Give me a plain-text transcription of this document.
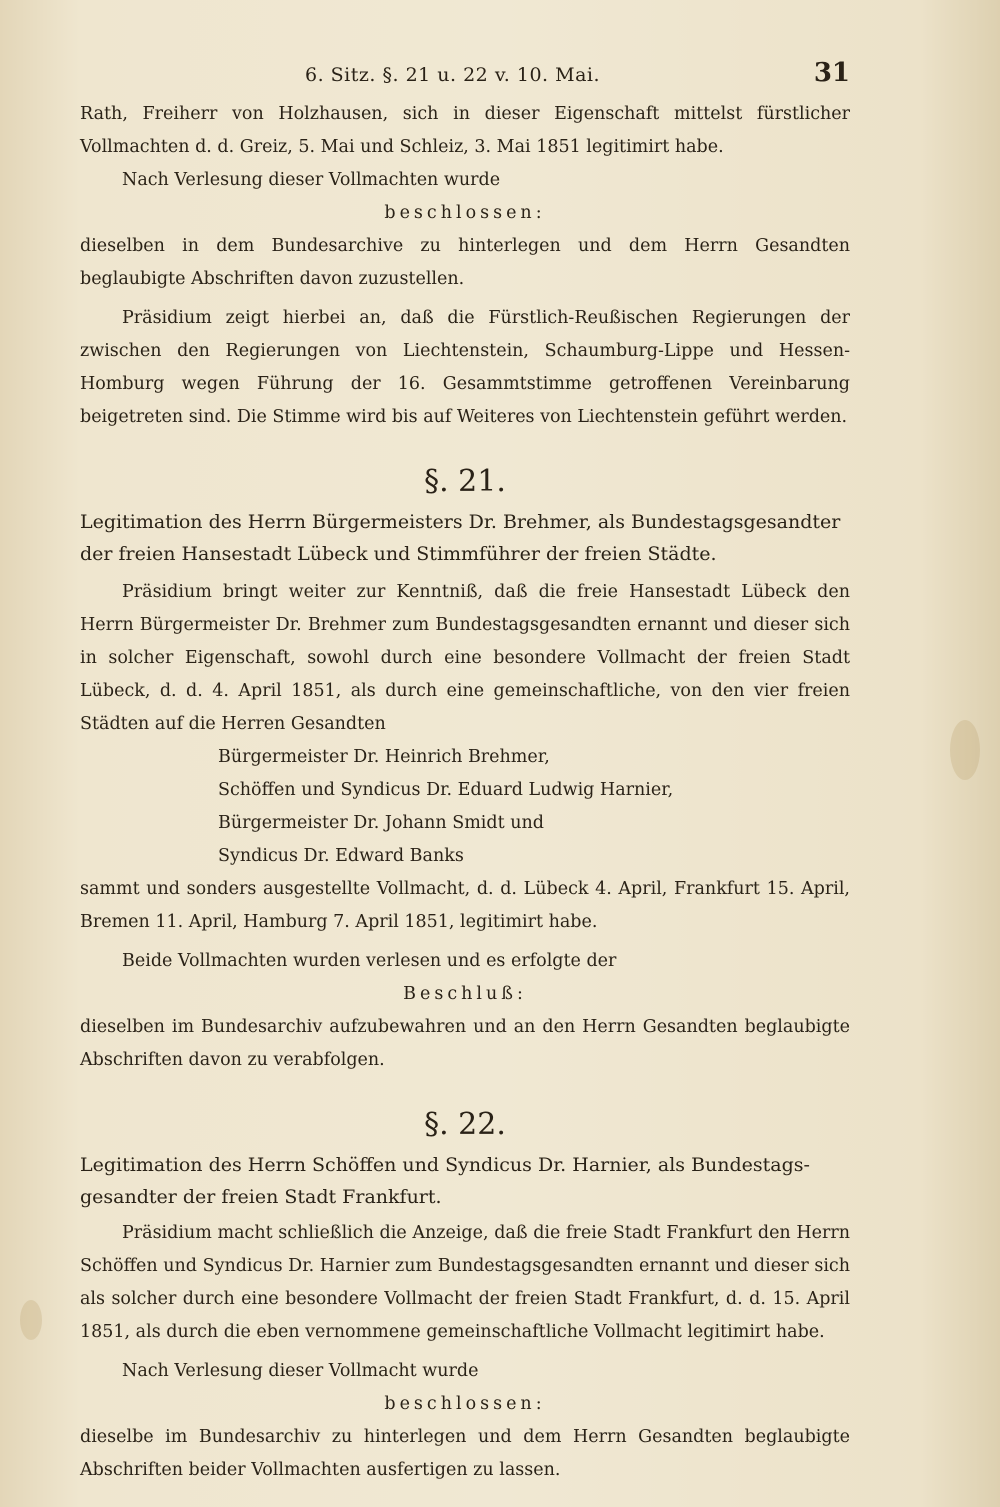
6. Sitz. §. 21 u. 22 v. 10. Mai.	31

Rath, Freiherr von Holzhausen, sich in dieser Eigenschaft mittelst fürstlicher Vollmachten d. d. Greiz, 5. Mai und Schleiz, 3. Mai 1851 legitimirt habe.

Nach Verlesung dieser Vollmachten wurde

beschlossen:

dieselben in dem Bundesarchive zu hinterlegen und dem Herrn Gesandten beglaubigte Abschriften davon zuzustellen.

Präsidium zeigt hierbei an, daß die Fürstlich-Reußischen Regierungen der zwischen den Regierungen von Liechtenstein, Schaumburg-Lippe und Hessen-Homburg wegen Führung der 16. Gesammtstimme getroffenen Vereinbarung beigetreten sind. Die Stimme wird bis auf Weiteres von Liechtenstein geführt werden.

§. 21.

Legitimation des Herrn Bürgermeisters Dr. Brehmer, als Bundestagsgesandter
der freien Hansestadt Lübeck und Stimmführer der freien Städte.

Präsidium bringt weiter zur Kenntniß, daß die freie Hansestadt Lübeck den Herrn Bürgermeister Dr. Brehmer zum Bundestagsgesandten ernannt und dieser sich in solcher Eigenschaft, sowohl durch eine besondere Vollmacht der freien Stadt Lübeck, d. d. 4. April 1851, als durch eine gemeinschaftliche, von den vier freien Städten auf die Herren Gesandten

Bürgermeister Dr. Heinrich Brehmer,
Schöffen und Syndicus Dr. Eduard Ludwig Harnier,
Bürgermeister Dr. Johann Smidt und
Syndicus Dr. Edward Banks

sammt und sonders ausgestellte Vollmacht, d. d. Lübeck 4. April, Frankfurt 15. April, Bremen 11. April, Hamburg 7. April 1851, legitimirt habe.

Beide Vollmachten wurden verlesen und es erfolgte der

Beschluß:

dieselben im Bundesarchiv aufzubewahren und an den Herrn Gesandten beglaubigte Abschriften davon zu verabfolgen.

§. 22.

Legitimation des Herrn Schöffen und Syndicus Dr. Harnier, als Bundestags-
gesandter der freien Stadt Frankfurt.

Präsidium macht schließlich die Anzeige, daß die freie Stadt Frankfurt den Herrn Schöffen und Syndicus Dr. Harnier zum Bundestagsgesandten ernannt und dieser sich als solcher durch eine besondere Vollmacht der freien Stadt Frankfurt, d. d. 15. April 1851, als durch die eben vernommene gemeinschaftliche Vollmacht legitimirt habe.

Nach Verlesung dieser Vollmacht wurde

beschlossen:

dieselbe im Bundesarchiv zu hinterlegen und dem Herrn Gesandten beglaubigte Abschriften beider Vollmachten ausfertigen zu lassen.
